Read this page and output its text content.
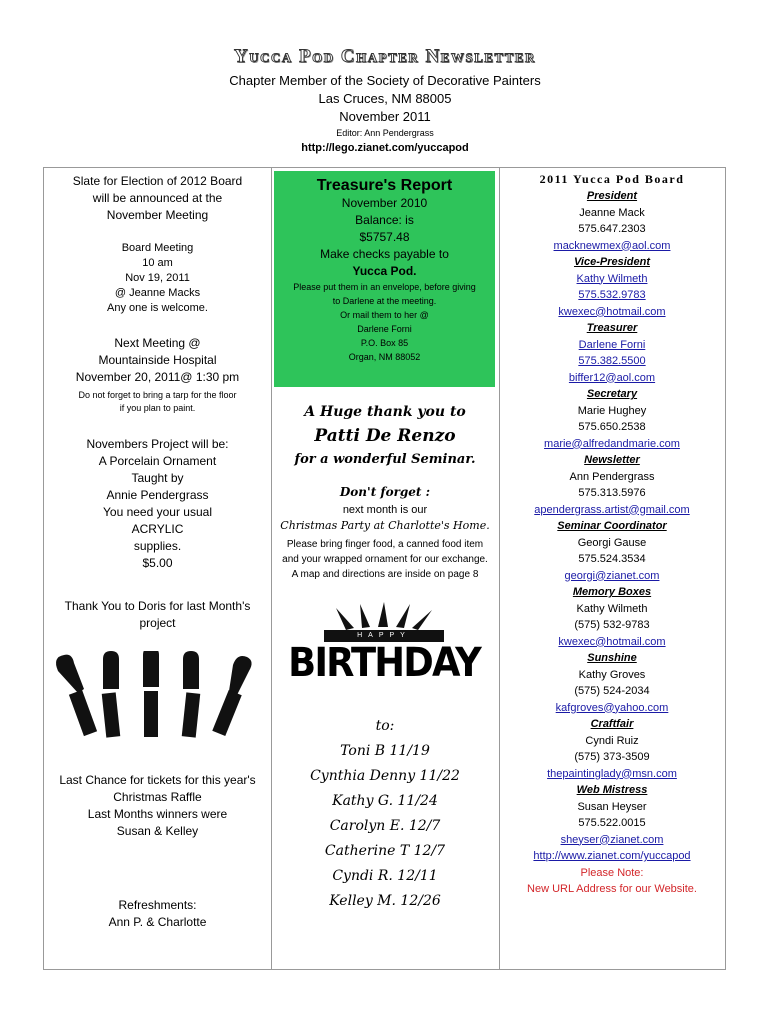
Yucca Pod Chapter Newsletter
Chapter Member of the Society of Decorative Painters
Las Cruces, NM 88005
November 2011
Editor: Ann Pendergrass
http://lego.zianet.com/yuccapod
Slate for Election of 2012 Board
will be announced at the
November Meeting
Board Meeting
10 am
Nov 19, 2011
@ Jeanne Macks
Any one is welcome.
Next Meeting @
Mountainside Hospital
November 20, 2011@ 1:30 pm
Do not forget to bring a tarp for the floor
if you plan to paint.
Novembers Project will be:
A Porcelain Ornament
Taught by
Annie Pendergrass
You need your usual
ACRYLIC
supplies.
$5.00
Thank You to Doris for last Month's
project
Last Chance for tickets for this year's
Christmas Raffle
Last Months winners were
Susan & Kelley
Refreshments:
Ann P. & Charlotte
Treasure's Report
November 2010
Balance: is
$5757.48
Make checks payable to
Yucca Pod.
Please put them in an envelope, before giving
to Darlene at the meeting.
Or mail them to her @
Darlene Forni
P.O. Box 85
Organ, NM 88052
A Huge thank you to
Patti De Renzo
for a wonderful Seminar.
Don't forget :
next month is our
Christmas Party at Charlotte's Home.
Please bring finger food, a canned food item
and your wrapped ornament for our exchange.
A map and directions are inside on page 8
HAPPY
BIRTHDAY
to:
Toni B 11/19
Cynthia Denny 11/22
Kathy G. 11/24
Carolyn E. 12/7
Catherine T 12/7
Cyndi R. 12/11
Kelley M. 12/26
2011 Yucca Pod Board
President
Jeanne Mack
575.647.2303
macknewmex@aol.com
Vice-President
Kathy Wilmeth
575.532.9783
kwexec@hotmail.com
Treasurer
Darlene Forni
575.382.5500
biffer12@aol.com
Secretary
Marie Hughey
575.650.2538
marie@alfredandmarie.com
Newsletter
Ann Pendergrass
575.313.5976
apendergrass.artist@gmail.com
Seminar Coordinator
Georgi Gause
575.524.3534
georgi@zianet.com
Memory Boxes
Kathy Wilmeth
(575) 532-9783
kwexec@hotmail.com
Sunshine
Kathy Groves
(575) 524-2034
kafgroves@yahoo.com
Craftfair
Cyndi Ruiz
(575) 373-3509
thepaintinglady@msn.com
Web Mistress
Susan Heyser
575.522.0015
sheyser@zianet.com
http://www.zianet.com/yuccapod
Please Note:
New URL Address for our Website.
